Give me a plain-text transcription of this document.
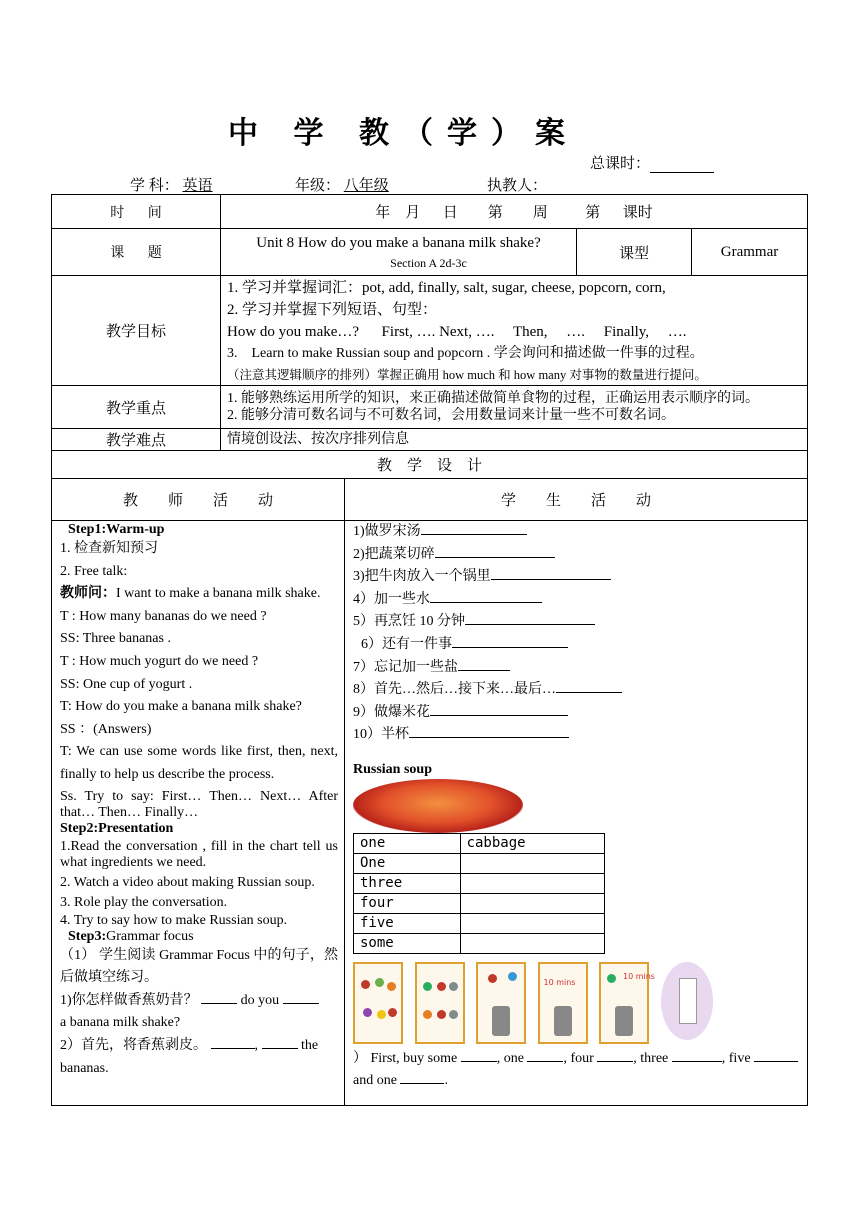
中 学 教（学）案
总课时：
学 科： 英语	年级： 八年级	执教人：
时 间	年    月      日        第        周          第      课时
课 题	
Unit 8 How do you make a banana milk shake?
Section A 2d-3c
	课型	Grammar
教学目标	

1. 学习并掌握词汇：pot, add, finally, salt, sugar, cheese, popcorn, corn,

2. 学习并掌握下列短语、句型：

How do you make…?      First, …. Next, ….     Then,     ….     Finally,     ….

3.    Learn to make Russian soup and popcorn . 学会询问和描述做一件事的过程。

（注意其逻辑顺序的排列）掌握正确用 how much 和 how many 对事物的数量进行提问。

教学重点	

1. 能够熟练运用所学的知识，来正确描述做简单食物的过程，正确运用表示顺序的词。

2. 能够分清可数名词与不可数名词，会用数量词来计量一些不可数名词。

教学难点	情境创设法、按次序排列信息
教    学    设    计
教        师        活        动	学        生        活        动

Step1:Warm-up

1. 检查新知预习

2. Free talk:

教师问：I want to make a banana milk shake.

T : How many bananas do we need ?

SS: Three bananas .

T : How much yogurt do we need ?

SS: One cup of yogurt .

T: How do you make a banana milk shake?

SS ：(Answers)

T: We can use some words like first, then, next, finally to help us describe the process.

Ss. Try to say: First… Then… Next… After that… Then… Finally…

Step2:Presentation

1.Read the conversation , fill in the chart tell us what ingredients we need.

2. Watch a video about making Russian soup.

3. Role play the conversation.

4. Try to say how to make Russian soup.

Step3:Grammar focus

（1） 学生阅读 Grammar Focus 中的句子，然后做填空练习。

1)你怎样做香蕉奶昔？	do you

a banana milk shake?

2）首先，将香蕉剥皮。	,	the

bananas.

1)做罗宋汤

2)把蔬菜切碎

3)把牛肉放入一个锅里

4）加一些水

5）再烹饪 10 分钟

6）还有一件事

7）忘记加一些盐

8）首先…然后…接下来…最后…

9）做爆米花

10）半杯

Russian soup

one	cabbage
One	
three	
four	
five	
some	

10 mins

10 mins

） First, buy some	, one	, four	, three	, five  and one	.
